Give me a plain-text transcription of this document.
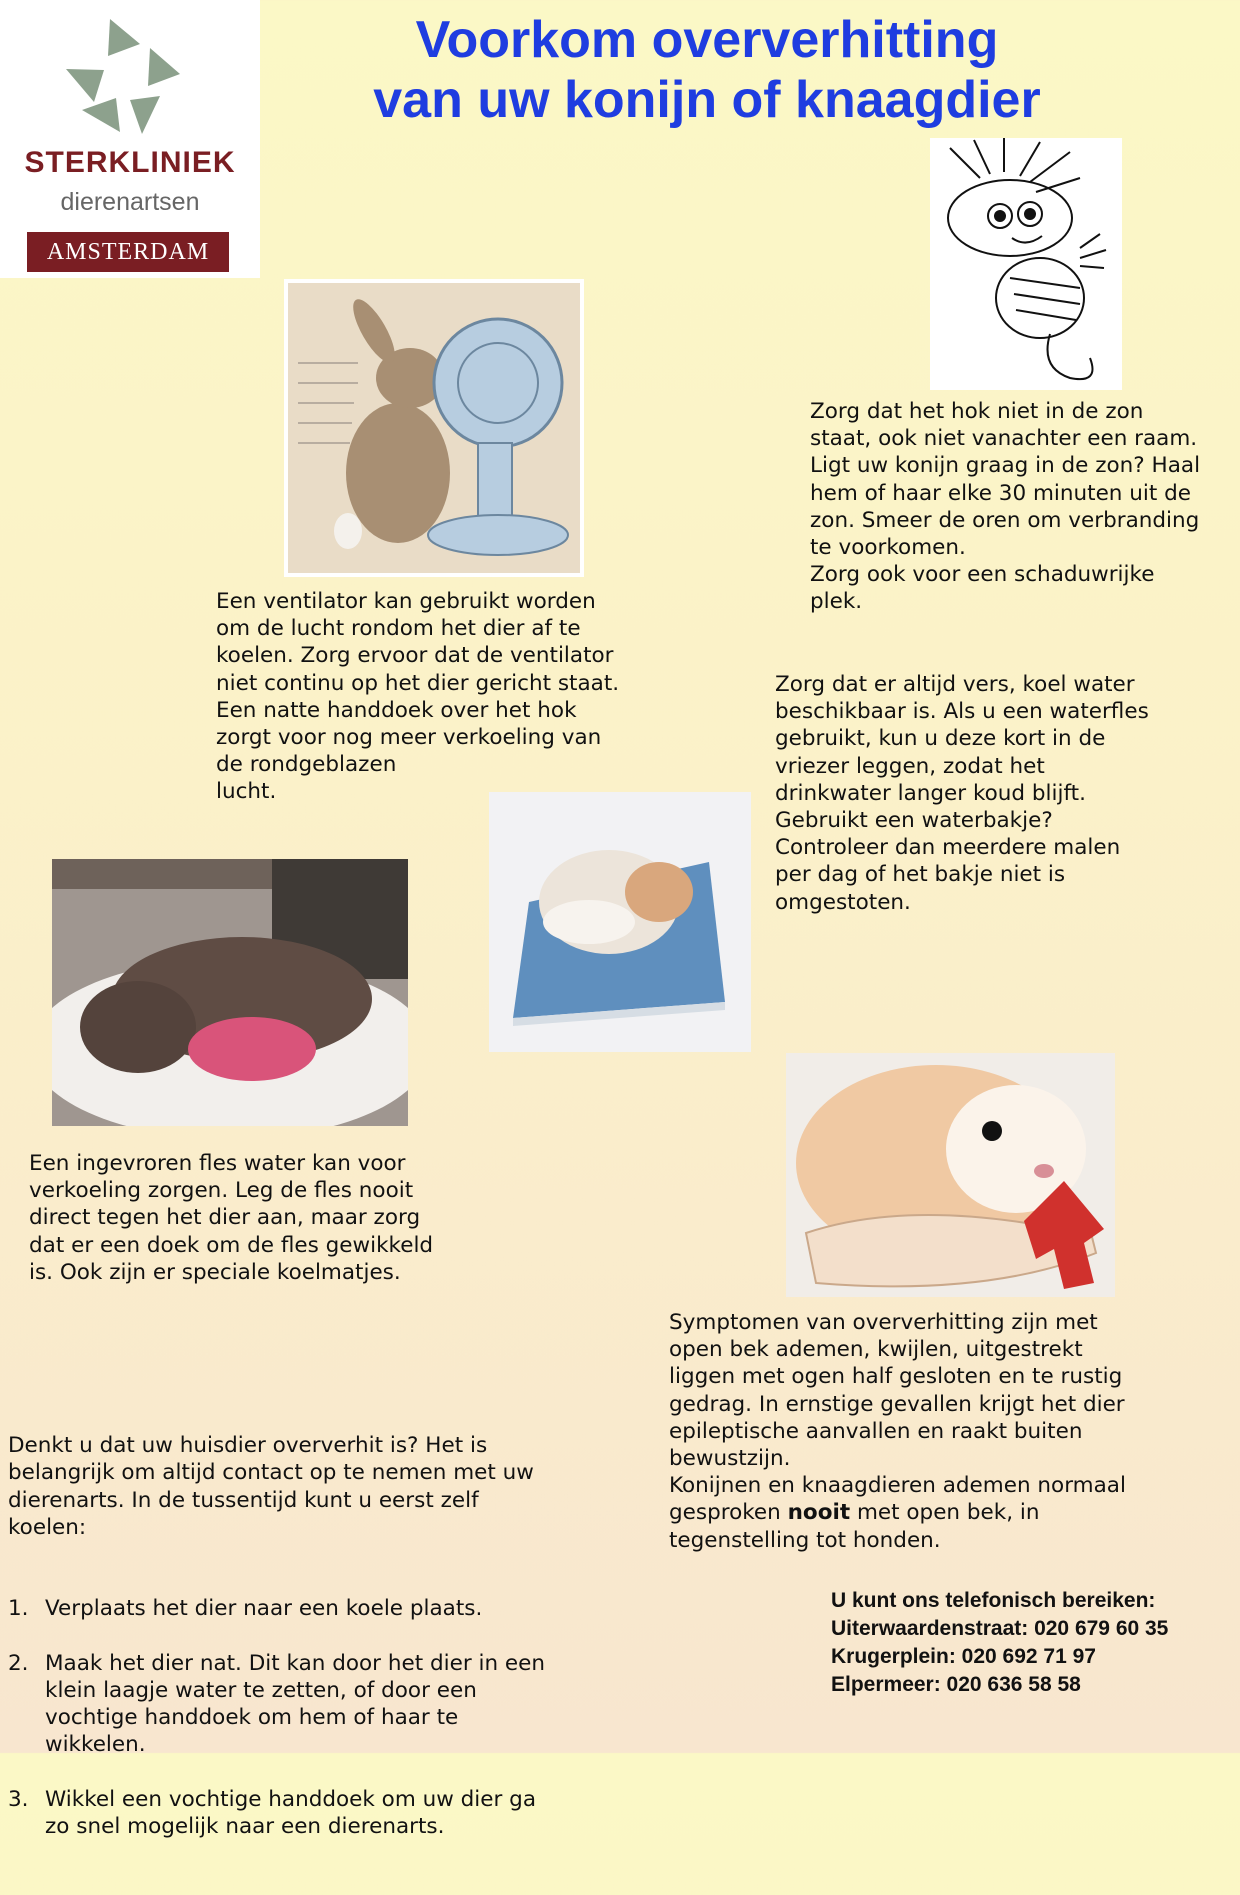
STERKLINIEK
dierenartsen
AMSTERDAM
Voorkom oververhitting
van uw konijn of knaagdier
Zorg dat het hok niet in de zon
staat, ook niet vanachter een raam.
Ligt uw konijn graag in de zon? Haal
hem of haar elke 30 minuten uit de
zon. Smeer de oren om verbranding
te voorkomen.
Zorg ook voor een schaduwrijke
plek.
Een ventilator kan gebruikt worden
om de lucht rondom het dier af te
koelen. Zorg ervoor dat de ventilator
niet continu op het dier gericht staat.
Een natte handdoek over het hok
zorgt voor nog meer verkoeling van
de rondgeblazen
lucht.
Zorg dat er altijd vers, koel water
beschikbaar is. Als u een waterfles
gebruikt, kun u deze kort in de
vriezer leggen, zodat het
drinkwater langer koud blijft.
Gebruikt een waterbakje?
Controleer dan meerdere malen
per dag of het bakje niet is
omgestoten.
Een ingevroren fles water kan voor
verkoeling zorgen. Leg de fles nooit
direct tegen het dier aan, maar zorg
dat er een doek om de fles gewikkeld
is. Ook zijn er speciale koelmatjes.
Symptomen van oververhitting zijn met
open bek ademen, kwijlen, uitgestrekt
liggen met ogen half gesloten en te rustig
gedrag. In ernstige gevallen krijgt het dier
epileptische aanvallen en raakt buiten
bewustzijn.
Konijnen en knaagdieren ademen normaal
gesproken nooit met open bek, in
tegenstelling tot honden.

Denkt u dat uw huisdier oververhit is? Het is
belangrijk om altijd contact op te nemen met uw
dierenarts. In de tussentijd kunt u eerst zelf
koelen:

1. Verplaats het dier naar een koele plaats.

2. Maak het dier nat. Dit kan door het dier in een
klein laagje water te zetten, of door een
vochtige handdoek om hem of haar te
wikkelen.

3. Wikkel een vochtige handdoek om uw dier ga
zo snel mogelijk naar een dierenarts.

U kunt ons telefonisch bereiken:
Uiterwaardenstraat: 020 679 60 35
Krugerplein: 020 692 71 97
Elpermeer: 020 636 58 58
